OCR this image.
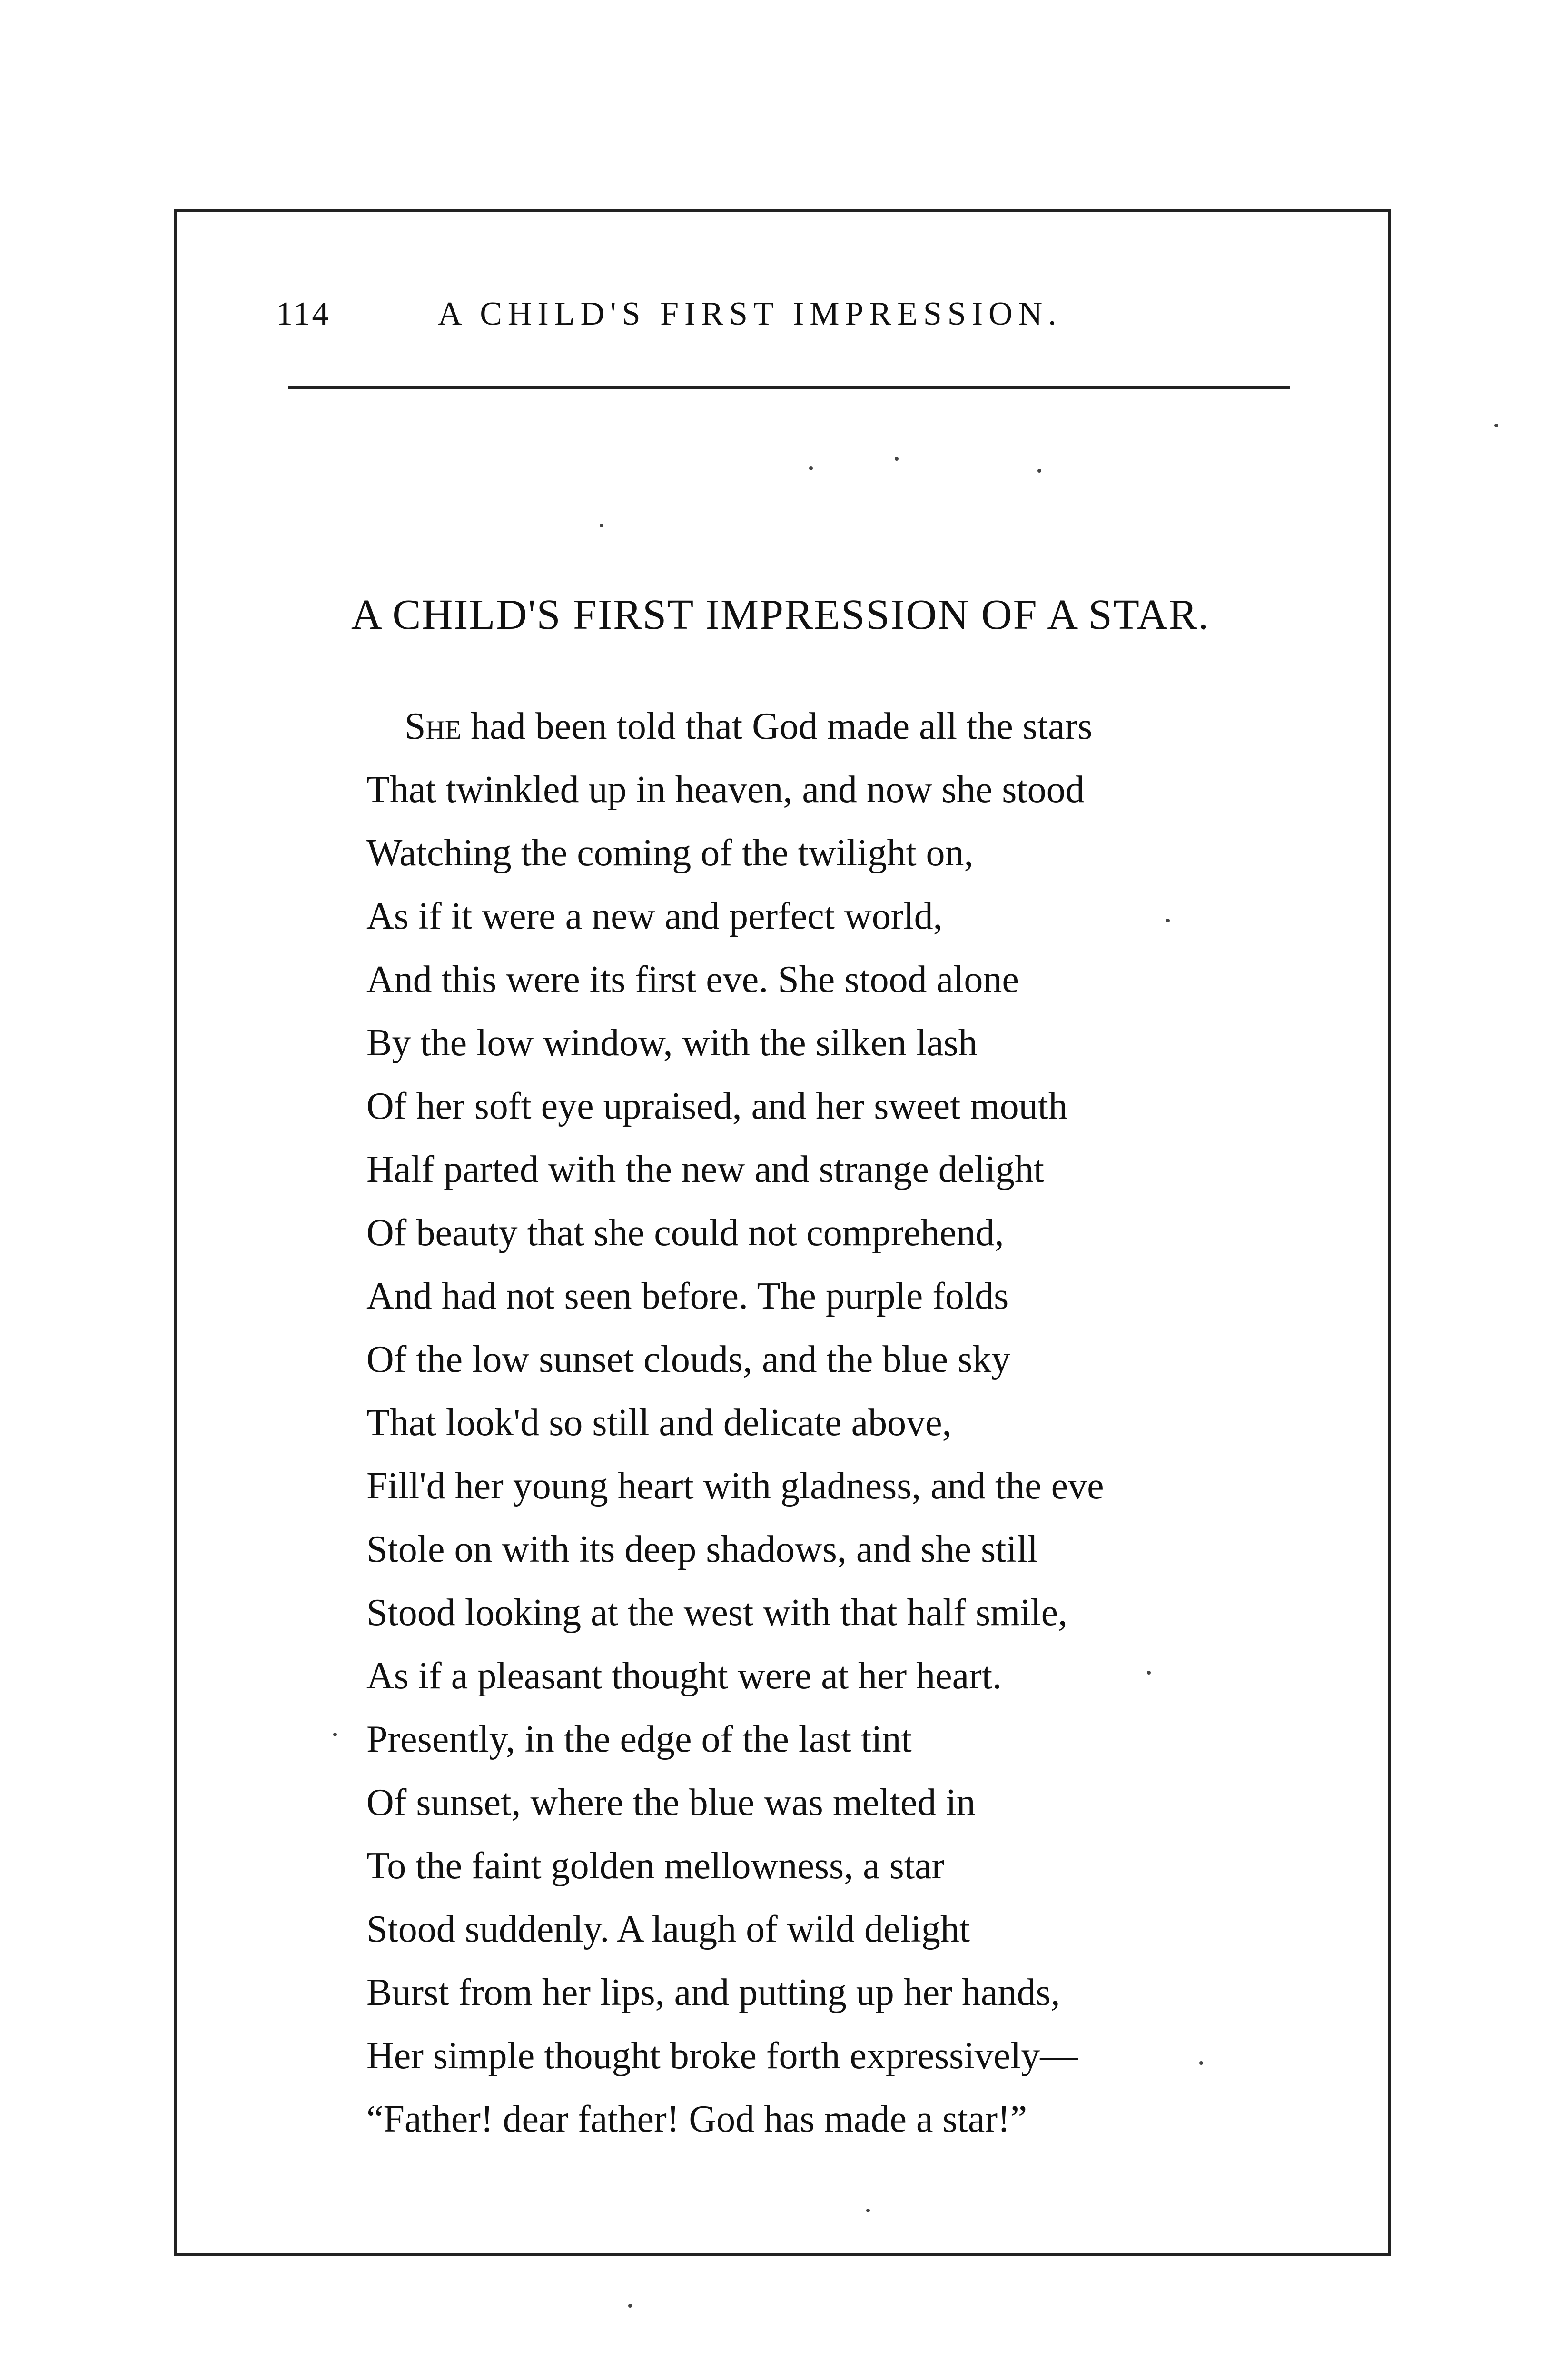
114	A CHILD'S FIRST IMPRESSION.
A CHILD'S FIRST IMPRESSION OF A STAR.
She had been told that God made all the stars
That twinkled up in heaven, and now she stood
Watching the coming of the twilight on,
As if it were a new and perfect world,
And this were its first eve. She stood alone
By the low window, with the silken lash
Of her soft eye upraised, and her sweet mouth
Half parted with the new and strange delight
Of beauty that she could not comprehend,
And had not seen before. The purple folds
Of the low sunset clouds, and the blue sky
That look'd so still and delicate above,
Fill'd her young heart with gladness, and the eve
Stole on with its deep shadows, and she still
Stood looking at the west with that half smile,
As if a pleasant thought were at her heart.
Presently, in the edge of the last tint
Of sunset, where the blue was melted in
To the faint golden mellowness, a star
Stood suddenly. A laugh of wild delight
Burst from her lips, and putting up her hands,
Her simple thought broke forth expressively—
“Father! dear father! God has made a star!”
